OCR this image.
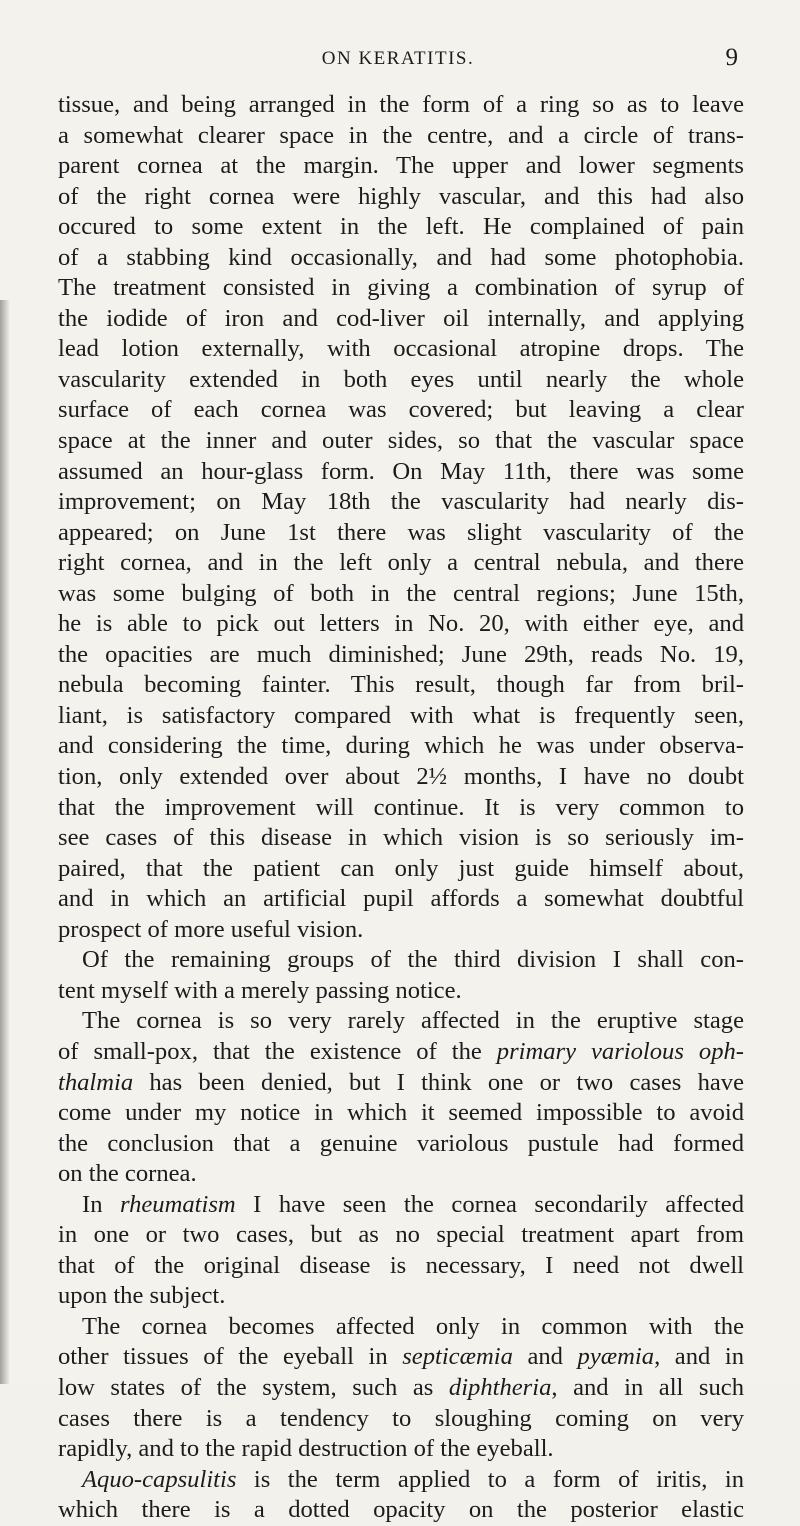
ON KERATITIS.	9
tissue, and being arranged in the form of a ring so as to leave
a somewhat clearer space in the centre, and a circle of trans-
parent cornea at the margin. The upper and lower segments
of the right cornea were highly vascular, and this had also
occured to some extent in the left. He complained of pain
of a stabbing kind occasionally, and had some photophobia.
The treatment consisted in giving a combination of syrup of
the iodide of iron and cod-liver oil internally, and applying
lead lotion externally, with occasional atropine drops. The
vascularity extended in both eyes until nearly the whole
surface of each cornea was covered; but leaving a clear
space at the inner and outer sides, so that the vascular space
assumed an hour-glass form. On May 11th, there was some
improvement; on May 18th the vascularity had nearly dis-
appeared; on June 1st there was slight vascularity of the
right cornea, and in the left only a central nebula, and there
was some bulging of both in the central regions; June 15th,
he is able to pick out letters in No. 20, with either eye, and
the opacities are much diminished; June 29th, reads No. 19,
nebula becoming fainter. This result, though far from bril-
liant, is satisfactory compared with what is frequently seen,
and considering the time, during which he was under observa-
tion, only extended over about 2½ months, I have no doubt
that the improvement will continue. It is very common to
see cases of this disease in which vision is so seriously im-
paired, that the patient can only just guide himself about,
and in which an artificial pupil affords a somewhat doubtful
prospect of more useful vision.
Of the remaining groups of the third division I shall con-
tent myself with a merely passing notice.
The cornea is so very rarely affected in the eruptive stage
of small-pox, that the existence of the primary variolous oph-
thalmia has been denied, but I think one or two cases have
come under my notice in which it seemed impossible to avoid
the conclusion that a genuine variolous pustule had formed
on the cornea.
In rheumatism I have seen the cornea secondarily affected
in one or two cases, but as no special treatment apart from
that of the original disease is necessary, I need not dwell
upon the subject.
The cornea becomes affected only in common with the
other tissues of the eyeball in septicæmia and pyæmia, and in
low states of the system, such as diphtheria, and in all such
cases there is a tendency to sloughing coming on very
rapidly, and to the rapid destruction of the eyeball.
Aquo-capsulitis is the term applied to a form of iritis, in
which there is a dotted opacity on the posterior elastic
